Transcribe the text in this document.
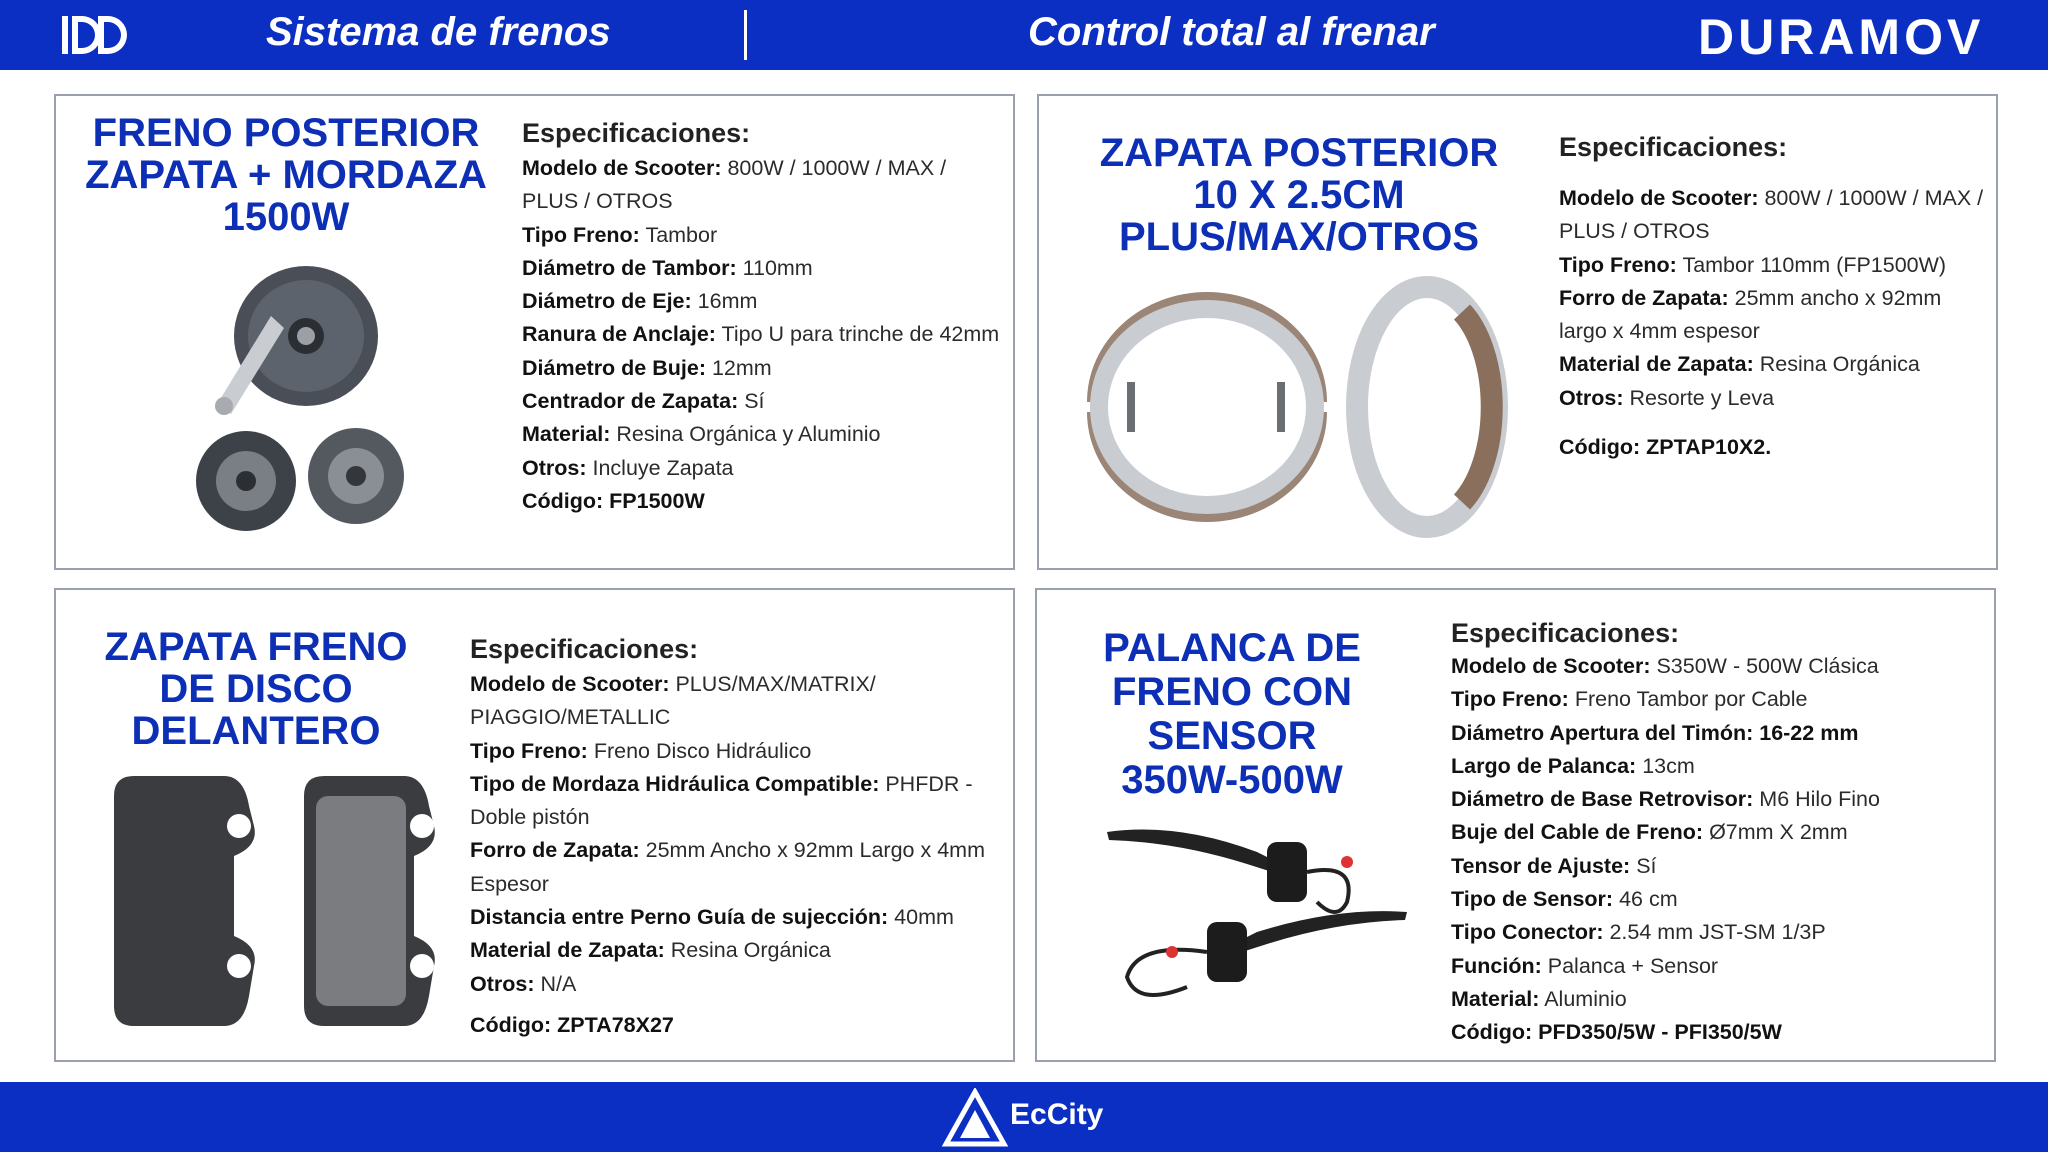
Sistema de frenos	Control total al frenar	DURAMOV
FRENO POSTERIOR
ZAPATA + MORDAZA
1500W
Especificaciones:
Modelo de Scooter: 800W / 1000W / MAX / PLUS / OTROS
Tipo Freno: Tambor
Diámetro de Tambor: 110mm
Diámetro de Eje: 16mm
Ranura de Anclaje: Tipo U para trinche de 42mm
Diámetro de Buje: 12mm
Centrador de Zapata: Sí
Material: Resina Orgánica y Aluminio
Otros: Incluye Zapata
Código: FP1500W
ZAPATA POSTERIOR
10 X 2.5CM
PLUS/MAX/OTROS
Especificaciones:
Modelo de Scooter: 800W / 1000W / MAX / PLUS / OTROS
Tipo Freno: Tambor 110mm (FP1500W)
Forro de Zapata: 25mm ancho x 92mm largo x 4mm espesor
Material de Zapata: Resina Orgánica
Otros: Resorte y Leva
Código: ZPTAP10X2.
ZAPATA FRENO
DE DISCO
DELANTERO
Especificaciones:
Modelo de Scooter: PLUS/MAX/MATRIX/ PIAGGIO/METALLIC
Tipo Freno: Freno Disco Hidráulico
Tipo de Mordaza Hidráulica Compatible: PHFDR - Doble pistón
Forro de Zapata: 25mm Ancho x 92mm Largo x 4mm Espesor
Distancia entre Perno Guía de sujección: 40mm
Material de Zapata: Resina Orgánica
Otros: N/A
Código: ZPTA78X27
PALANCA DE
FRENO CON
SENSOR
350W-500W
Especificaciones:
Modelo de Scooter: S350W - 500W Clásica
Tipo Freno: Freno Tambor por Cable
Diámetro Apertura del Timón: 16-22 mm
Largo de Palanca: 13cm
Diámetro de Base Retrovisor: M6 Hilo Fino
Buje del Cable de Freno: Ø7mm X 2mm
Tensor de Ajuste: Sí
Tipo de Sensor: 46 cm
Tipo Conector: 2.54 mm JST-SM 1/3P
Función: Palanca + Sensor
Material: Aluminio
Código: PFD350/5W - PFI350/5W
EcCity
